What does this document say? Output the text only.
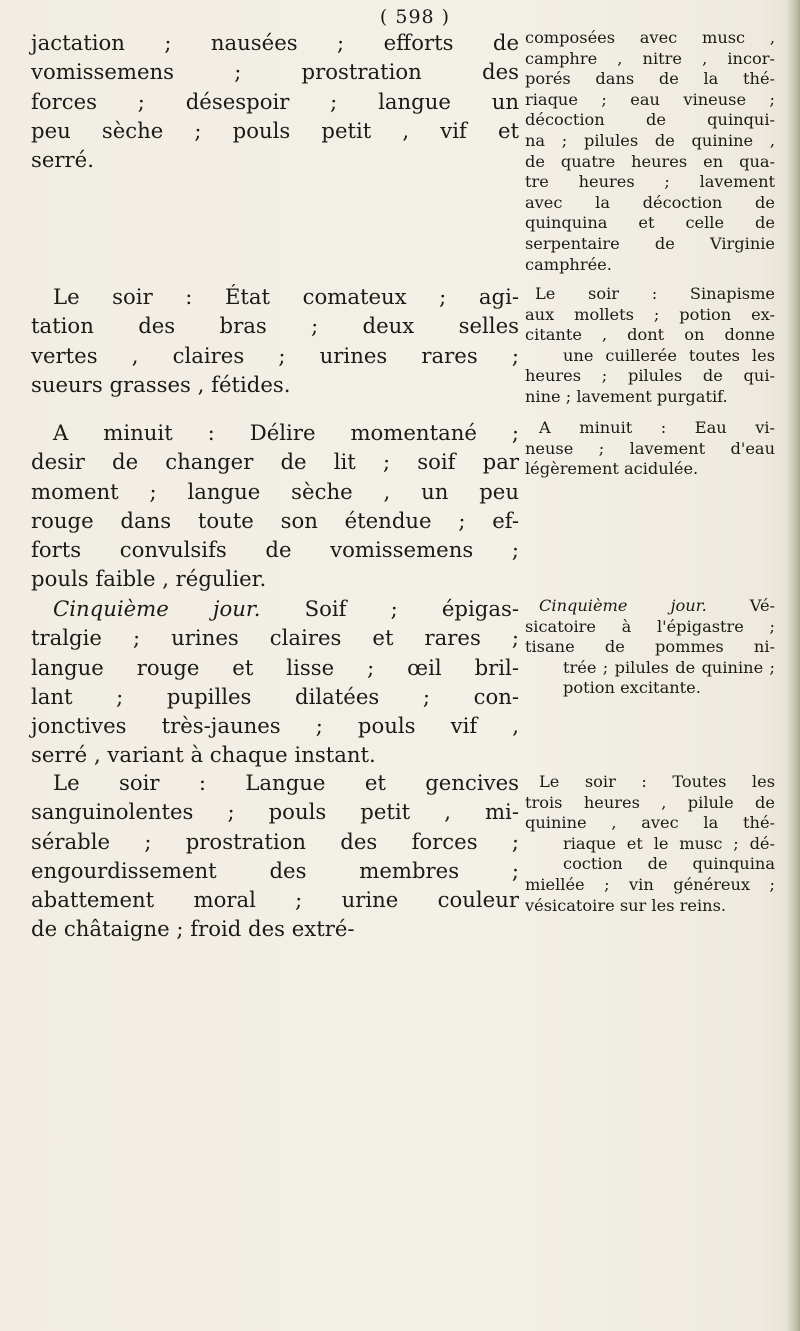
( 598 )
jactation ; nausées ; efforts de
vomissemens ; prostration des
forces ; désespoir ; langue un
peu sèche ; pouls petit , vif et
serré.
Le soir : État comateux ; agi-
tation des bras ; deux selles
vertes , claires ; urines rares ;
sueurs grasses , fétides.
A minuit : Délire momentané ;
desir de changer de lit ; soif par
moment ; langue sèche , un peu
rouge dans toute son étendue ; ef-
forts convulsifs de vomissemens ;
pouls faible , régulier.
Cinquième jour. Soif ; épigas-
tralgie ; urines claires et rares ;
langue rouge et lisse ; œil bril-
lant ; pupilles dilatées ; con-
jonctives très-jaunes ; pouls vif ,
serré , variant à chaque instant.
Le soir : Langue et gencives
sanguinolentes ; pouls petit , mi-
sérable ; prostration des forces ;
engourdissement des membres ;
abattement moral ; urine couleur
de châtaigne ; froid des extré-
composées avec musc ,
camphre , nitre , incor-
porés dans de la thé-
riaque ; eau vineuse ;
décoction de quinqui-
na ; pilules de quinine ,
de quatre heures en qua-
tre heures ; lavement
avec la décoction de
quinquina et celle de
serpentaire de Virginie
camphrée.
Le soir : Sinapisme
aux mollets ; potion ex-
citante , dont on donne
une cuillerée toutes les
heures ; pilules de qui-
nine ; lavement purgatif.
A minuit : Eau vi-
neuse ; lavement d'eau
légèrement acidulée.
Cinquième jour. Vé-
sicatoire à l'épigastre ;
tisane de pommes ni-
trée ; pilules de quinine ;
potion excitante.
Le soir : Toutes les
trois heures , pilule de
quinine , avec la thé-
riaque et le musc ; dé-
coction de quinquina
miellée ; vin généreux ;
vésicatoire sur les reins.
